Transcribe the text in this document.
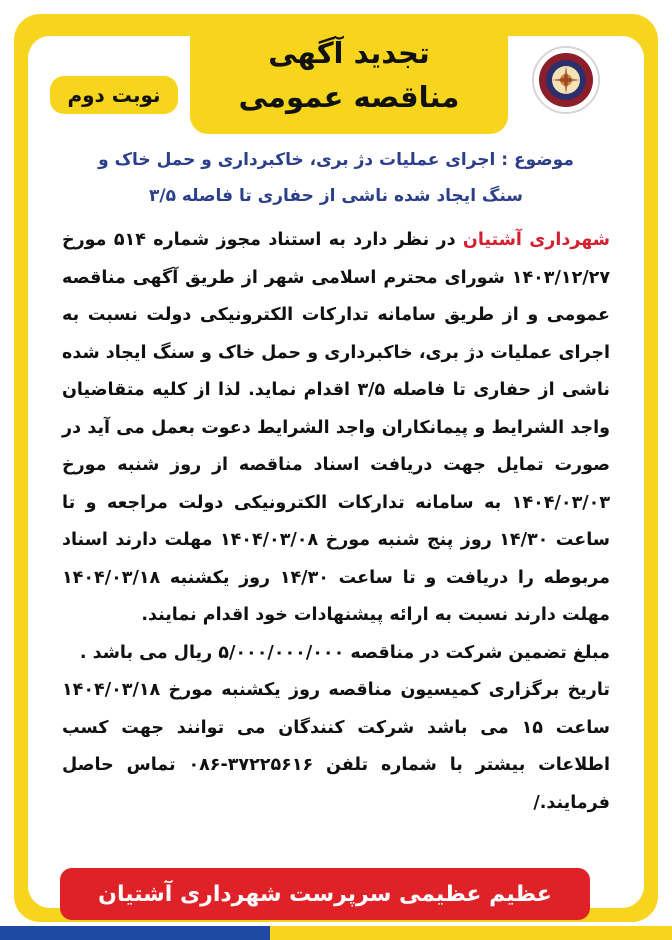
تجدید آگهی
مناقصه عمومی
نوبت دوم
موضوع : اجرای عملیات دژ بری، خاکبرداری و حمل خاک و
سنگ ایجاد شده ناشی از حفاری تا فاصله ۳/۵

شهرداری آشتیان در نظر دارد به استناد مجوز شماره ۵۱۴ مورخ ۱۴۰۳/۱۲/۲۷ شورای محترم اسلامی شهر از طریق آگهی مناقصه عمومی و از طریق سامانه تدارکات الکترونیکی دولت نسبت به اجرای عملیات دژ بری، خاکبرداری و حمل خاک و سنگ ایجاد شده ناشی از حفاری تا فاصله ۳/۵ اقدام نماید. لذا از کلیه متقاضیان واجد الشرایط و پیمانکاران واجد الشرایط دعوت بعمل می آید در صورت تمایل جهت دریافت اسناد مناقصه از روز شنبه مورخ ۱۴۰۴/۰۳/۰۳ به سامانه تدارکات الکترونیکی دولت مراجعه و تا ساعت ۱۴/۳۰ روز پنج شنبه مورخ ۱۴۰۴/۰۳/۰۸ مهلت دارند اسناد مربوطه را دریافت و تا ساعت ۱۴/۳۰ روز یکشنبه ۱۴۰۴/۰۳/۱۸ مهلت دارند نسبت به ارائه پیشنهادات خود اقدام نمایند.

مبلغ تضمین شرکت در مناقصه ۵/۰۰۰/۰۰۰/۰۰۰ ریال می باشد .

تاریخ برگزاری کمیسیون مناقصه روز یکشنبه مورخ ۱۴۰۴/۰۳/۱۸ ساعت ۱۵ می باشد شرکت کنندگان می توانند جهت کسب اطلاعات بیشتر با شماره تلفن ۳۷۲۲۵۶۱۶-۰۸۶ تماس حاصل فرمایند./

عظیم عظیمی سرپرست شهرداری آشتیان
